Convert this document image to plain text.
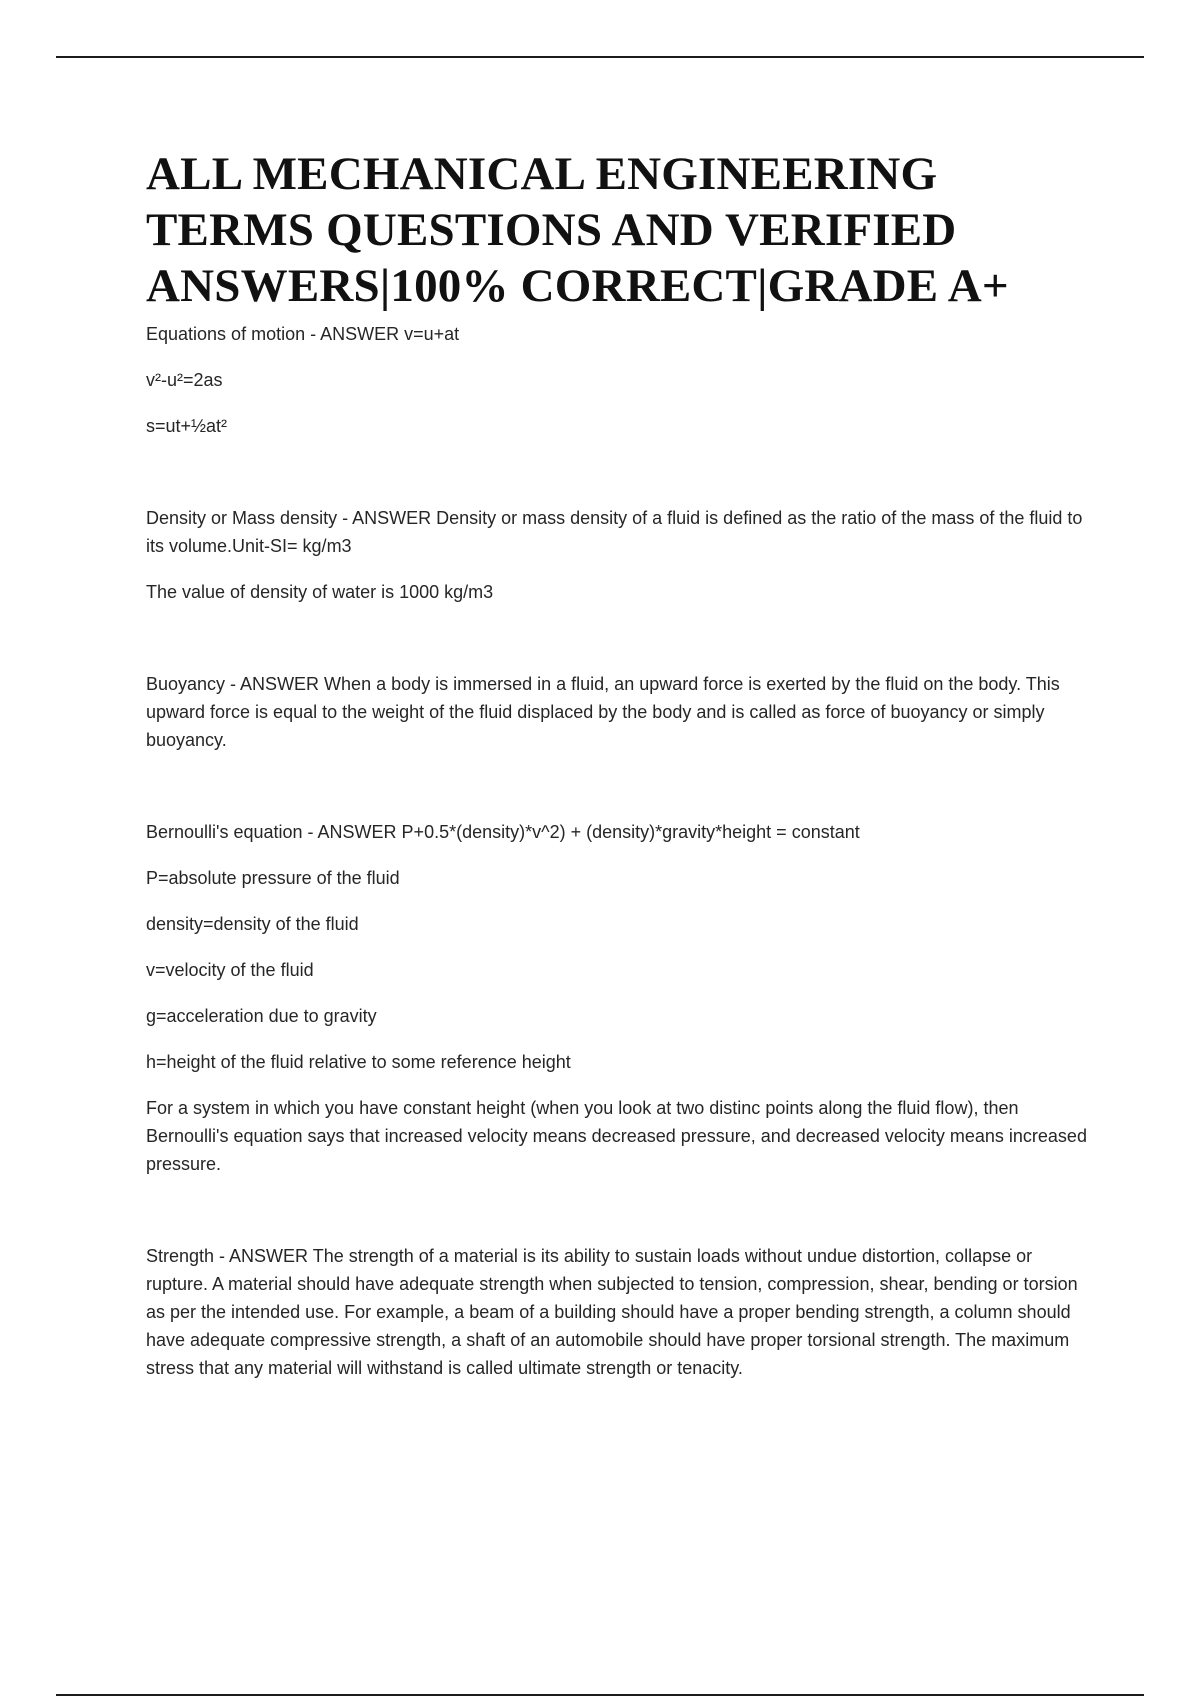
ALL MECHANICAL ENGINEERING
TERMS QUESTIONS AND VERIFIED
ANSWERS|100% CORRECT|GRADE A+

Equations of motion - ANSWER v=u+at

v²-u²=2as

s=ut+½at²

Density or Mass density - ANSWER Density or mass density of a fluid is defined as the ratio of the mass of the fluid to its volume.Unit-SI= kg/m3

The value of density of water is 1000 kg/m3

Buoyancy - ANSWER When a body is immersed in a fluid, an upward force is exerted by the fluid on the body. This upward force is equal to the weight of the fluid displaced by the body and is called as force of buoyancy or simply buoyancy.

Bernoulli's equation - ANSWER P+0.5*(density)*v^2) + (density)*gravity*height = constant

P=absolute pressure of the fluid

density=density of the fluid

v=velocity of the fluid

g=acceleration due to gravity

h=height of the fluid relative to some reference height

For a system in which you have constant height (when you look at two distinc points along the fluid flow), then Bernoulli's equation says that increased velocity means decreased pressure, and decreased velocity means increased pressure.

Strength - ANSWER The strength of a material is its ability to sustain loads without undue distortion, collapse or rupture. A material should have adequate strength when subjected to tension, compression, shear, bending or torsion as per the intended use. For example, a beam of a building should have a proper bending strength, a column should have adequate compressive strength, a shaft of an automobile should have proper torsional strength. The maximum stress that any material will withstand is called ultimate strength or tenacity.
